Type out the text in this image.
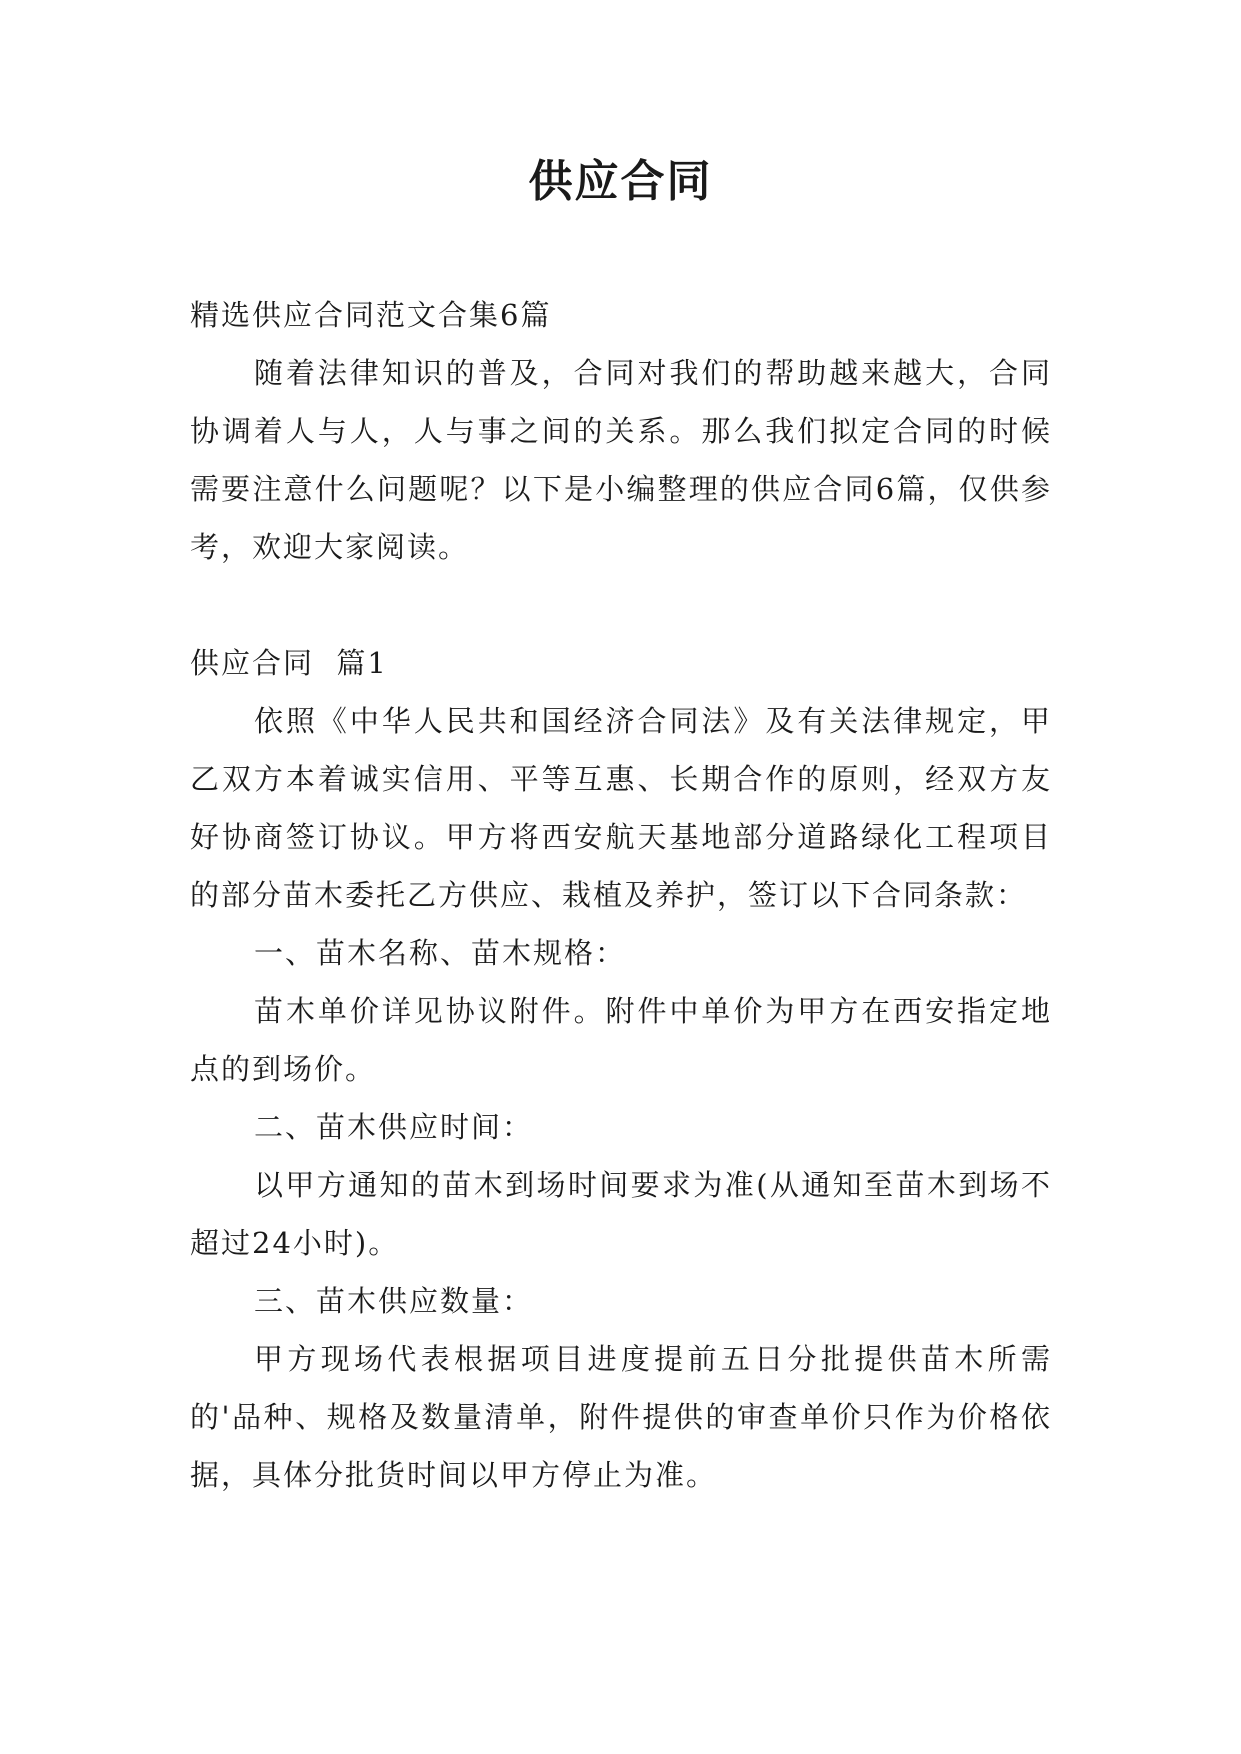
供应合同

精选供应合同范文合集6篇

随着法律知识的普及，合同对我们的帮助越来越大，合同协调着人与人，人与事之间的关系。那么我们拟定合同的时候需要注意什么问题呢？以下是小编整理的供应合同6篇，仅供参考，欢迎大家阅读。

供应合同  篇1

依照《中华人民共和国经济合同法》及有关法律规定，甲乙双方本着诚实信用、平等互惠、长期合作的原则，经双方友好协商签订协议。甲方将西安航天基地部分道路绿化工程项目的部分苗木委托乙方供应、栽植及养护，签订以下合同条款：

一、苗木名称、苗木规格：

苗木单价详见协议附件。附件中单价为甲方在西安指定地点的到场价。

二、苗木供应时间：

以甲方通知的苗木到场时间要求为准(从通知至苗木到场不超过24小时)。

三、苗木供应数量：

甲方现场代表根据项目进度提前五日分批提供苗木所需的'品种、规格及数量清单，附件提供的审查单价只作为价格依据，具体分批货时间以甲方停止为准。
